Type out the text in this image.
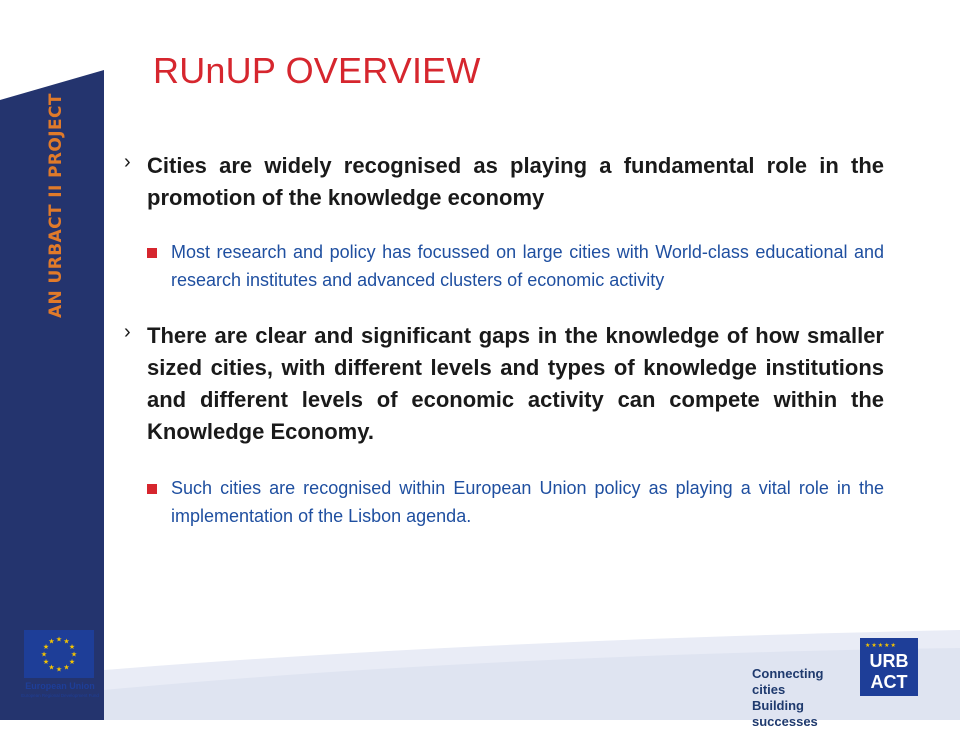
AN URBACT II PROJECT
RUnUP OVERVIEW
› Cities are widely recognised as playing a fundamental role in the promotion of the knowledge economy
Most research and policy has focussed on large cities with World-class educational and research institutes and advanced clusters of economic activity
› There are clear and significant gaps in the knowledge of how smaller sized cities, with different levels and types of knowledge institutions and different levels of economic activity can compete within the Knowledge Economy.
Such cities are recognised within European Union policy as playing a vital role in the implementation of the Lisbon agenda.
★ ★
★
★
★
★
★
★
★
★
★
★
European Union
European Regional Development Fund
Connecting cities
Building successes
★★★★★
URB
ACT
